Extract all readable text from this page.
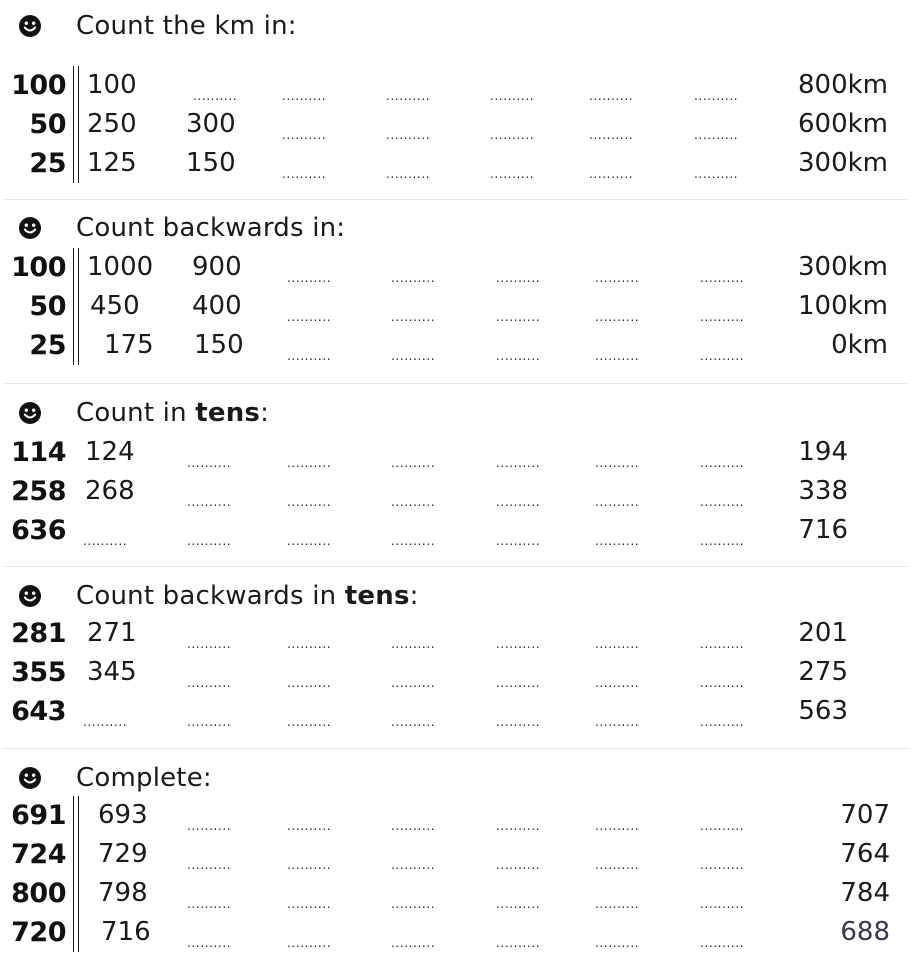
Count the km in:
100 100	..........	..........	..........	..........	..........	.......... 800km
50 250 300	..........	..........	..........	..........	.......... 600km
25 125 150	..........	..........	..........	..........	.......... 300km
Count backwards in:
100 1000 900	..........	..........	..........	..........	.......... 300km
50 450 400	..........	..........	..........	..........	.......... 100km
25 175 150	..........	..........	..........	..........	..........	0km
Count in tens:
114 124	..........	..........	..........	..........	..........	.......... 194
258 268	..........	..........	..........	..........	..........	.......... 338
636 ..........	..........	..........	..........	..........	..........	.......... 716
Count backwards in tens:
281 271	..........	..........	..........	..........	..........	.......... 201
355 345	..........	..........	..........	..........	..........	.......... 275
643 ..........	..........	..........	..........	..........	..........	.......... 563
Complete:
691 693	..........	..........	..........	..........	..........	..........	707
724 729	..........	..........	..........	..........	..........	..........	764
800 798	..........	..........	..........	..........	..........	..........	784
720 716	..........	..........	..........	..........	..........	..........	688
